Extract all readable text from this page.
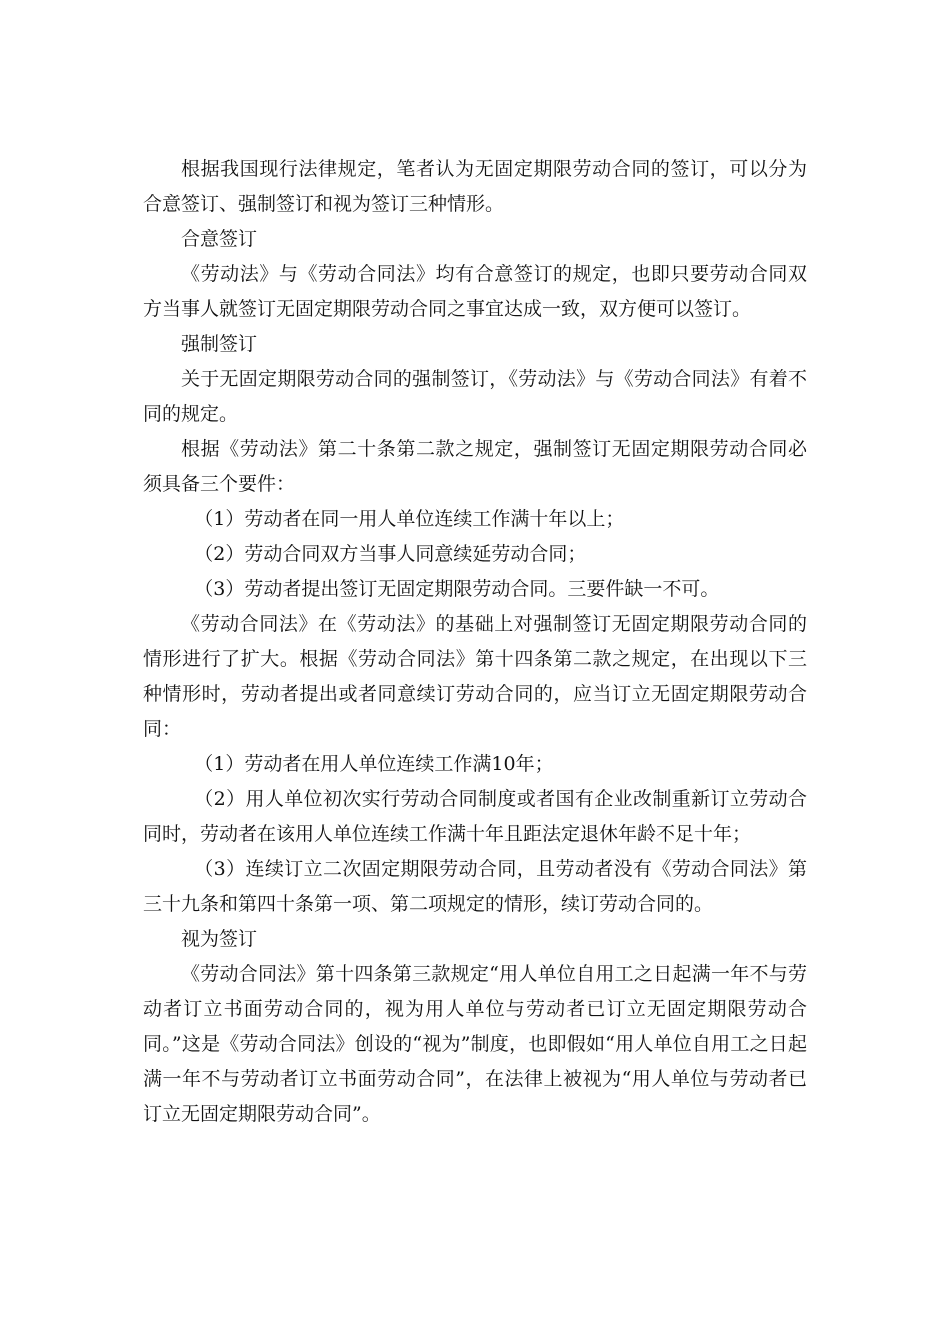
根据我国现行法律规定，笔者认为无固定期限劳动合同的签订，可以分为合意签订、强制签订和视为签订三种情形。

合意签订

《劳动法》与《劳动合同法》均有合意签订的规定，也即只要劳动合同双方当事人就签订无固定期限劳动合同之事宜达成一致，双方便可以签订。

强制签订

关于无固定期限劳动合同的强制签订，《劳动法》与《劳动合同法》有着不同的规定。

根据《劳动法》第二十条第二款之规定，强制签订无固定期限劳动合同必须具备三个要件：

（1）劳动者在同一用人单位连续工作满十年以上；

（2）劳动合同双方当事人同意续延劳动合同；

（3）劳动者提出签订无固定期限劳动合同。三要件缺一不可。

《劳动合同法》在《劳动法》的基础上对强制签订无固定期限劳动合同的情形进行了扩大。根据《劳动合同法》第十四条第二款之规定，在出现以下三种情形时，劳动者提出或者同意续订劳动合同的，应当订立无固定期限劳动合同：

（1）劳动者在用人单位连续工作满10年；

（2）用人单位初次实行劳动合同制度或者国有企业改制重新订立劳动合同时，劳动者在该用人单位连续工作满十年且距法定退休年龄不足十年；

（3）连续订立二次固定期限劳动合同，且劳动者没有《劳动合同法》第三十九条和第四十条第一项、第二项规定的情形，续订劳动合同的。

视为签订

《劳动合同法》第十四条第三款规定“用人单位自用工之日起满一年不与劳动者订立书面劳动合同的，视为用人单位与劳动者已订立无固定期限劳动合同。”这是《劳动合同法》创设的“视为”制度，也即假如“用人单位自用工之日起满一年不与劳动者订立书面劳动合同”，在法律上被视为“用人单位与劳动者已订立无固定期限劳动合同”。
